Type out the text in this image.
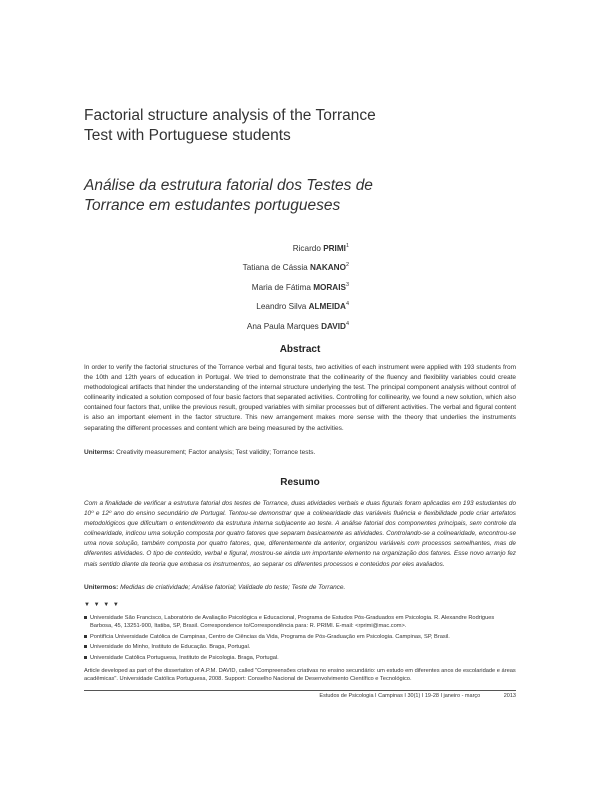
Factorial structure analysis of the Torrance
Test with Portuguese students
Análise da estrutura fatorial dos Testes de
Torrance em estudantes portugueses
Ricardo PRIMI$^1$
Tatiana de Cássia NAKANO$^2$
Maria de Fátima MORAIS$^3$
Leandro Silva ALMEIDA$^4$
Ana Paula Marques DAVID$^4$
Abstract
In order to verify the factorial structures of the Torrance verbal and figural tests, two activities of each instrument were applied with 193 students from the 10th and 12th years of education in Portugal. We tried to demonstrate that the collinearity of the fluency and flexibility variables could create methodological artifacts that hinder the understanding of the internal structure underlying the test. The principal component analysis without control of collinearity indicated a solution composed of four basic factors that separated activities. Controlling for collinearity, we found a new solution, which also contained four factors that, unlike the previous result, grouped variables with similar processes but of different activities. The verbal and figural content is also an important element in the factor structure. This new arrangement makes more sense with the theory that underlies the instruments separating the different processes and content which are being measured by the activities.
Uniterms: Creativity measurement; Factor analysis; Test validity; Torrance tests.
Resumo
Com a finalidade de verificar a estrutura fatorial dos testes de Torrance, duas atividades verbais e duas figurais foram aplicadas em 193 estudantes do 10º e 12º ano do ensino secundário de Portugal. Tentou-se demonstrar que a colinearidade das variáveis fluência e flexibilidade pode criar artefatos metodológicos que dificultam o entendimento da estrutura interna subjacente ao teste. A análise fatorial dos componentes principais, sem controle da colinearidade, indicou uma solução composta por quatro fatores que separam basicamente as atividades. Controlando-se a colinearidade, encontrou-se uma nova solução, também composta por quatro fatores, que, diferentemente da anterior, organizou variáveis com processos semelhantes, mas de diferentes atividades. O tipo de conteúdo, verbal e figural, mostrou-se ainda um importante elemento na organização dos fatores. Esse novo arranjo fez mais sentido diante da teoria que embasa os instrumentos, ao separar os diferentes processos e conteúdos por eles avaliados.
Unitermos: Medidas de criatividade; Análise fatorial; Validade do teste; Teste de Torrance.
▼ ▼ ▼ ▼
Universidade São Francisco, Laboratório de Avaliação Psicológica e Educacional, Programa de Estudos Pós-Graduados em Psicologia. R. Alexandre Rodrigues Barbosa, 45, 13251-900, Itatiba, SP, Brasil. Correspondence to/Correspondência para: R. PRIMI. E-mail: <rprimi@mac.com>.
Pontifícia Universidade Católica de Campinas, Centro de Ciências da Vida, Programa de Pós-Graduação em Psicologia. Campinas, SP, Brasil.
Universidade do Minho, Instituto de Educação. Braga, Portugal.
Universidade Católica Portuguesa, Instituto de Psicologia. Braga, Portugal.
Article developed as part of the dissertation of A.P.M. DAVID, called "Compreensões criativas no ensino secundário: um estudo em diferentes anos de escolaridade e áreas acadêmicas". Universidade Católica Portuguesa, 2008. Support: Conselho Nacional de Desenvolvimento Científico e Tecnológico.
Estudos de Psicologia I Campinas I 30(1) I 19-28 I janeiro - março	2013
